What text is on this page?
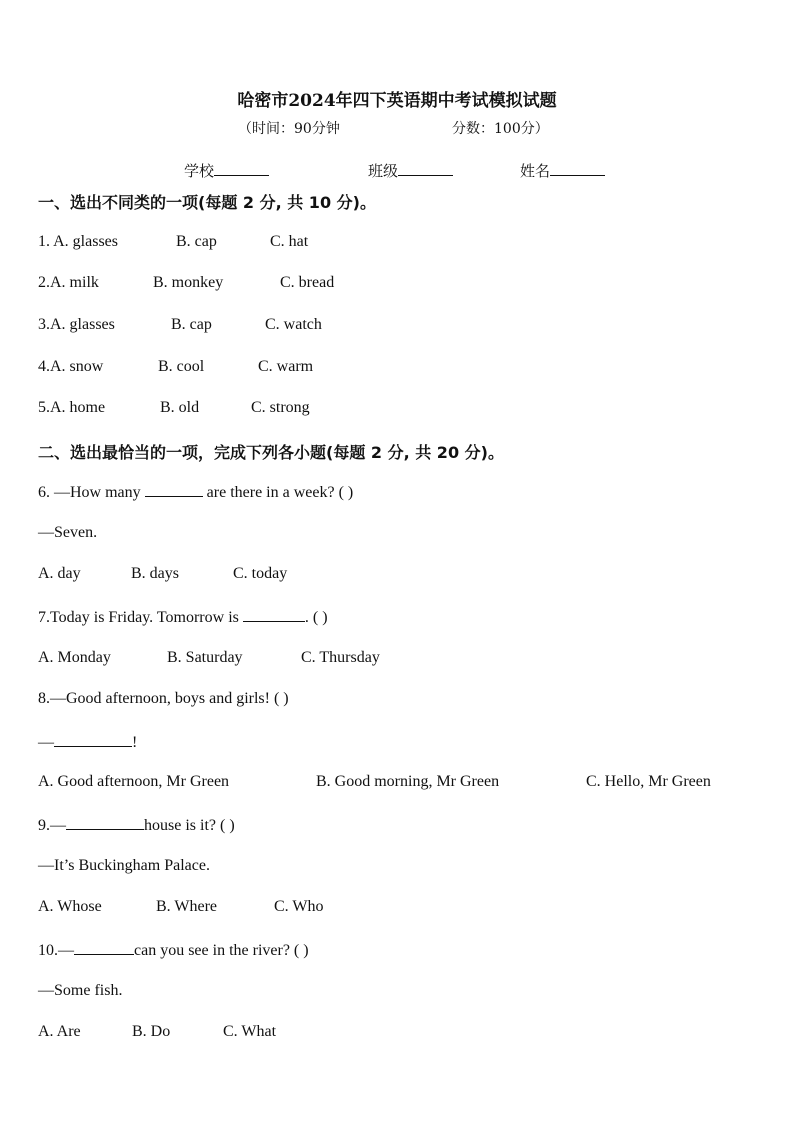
哈密市2024年四下英语期中考试模拟试题
（时间：90分钟	分数：100分）
学校	班级	姓名
一、选出不同类的一项(每题 2 分, 共 10 分)。
1. A. glasses	B. cap	C. hat
2.A. milk	B. monkey	C. bread
3.A. glasses	B. cap	C. watch
4.A. snow	B. cool	C. warm
5.A. home	B. old	C. strong
二、选出最恰当的一项，完成下列各小题(每题 2 分, 共 20 分)。
6. —How many	are there in a week? ( )
—Seven.
A. day	B. days	C. today
7.Today is Friday. Tomorrow is	. ( )
A. Monday	B. Saturday	C. Thursday
8.—Good afternoon, boys and girls! ( )
—	!
A. Good afternoon, Mr Green	B. Good morning, Mr Green	C. Hello, Mr Green
9.—	house is it? ( )
—It’s Buckingham Palace.
A. Whose	B. Where	C. Who
10.—	can you see in the river? ( )
—Some fish.
A. Are	B. Do	C. What
